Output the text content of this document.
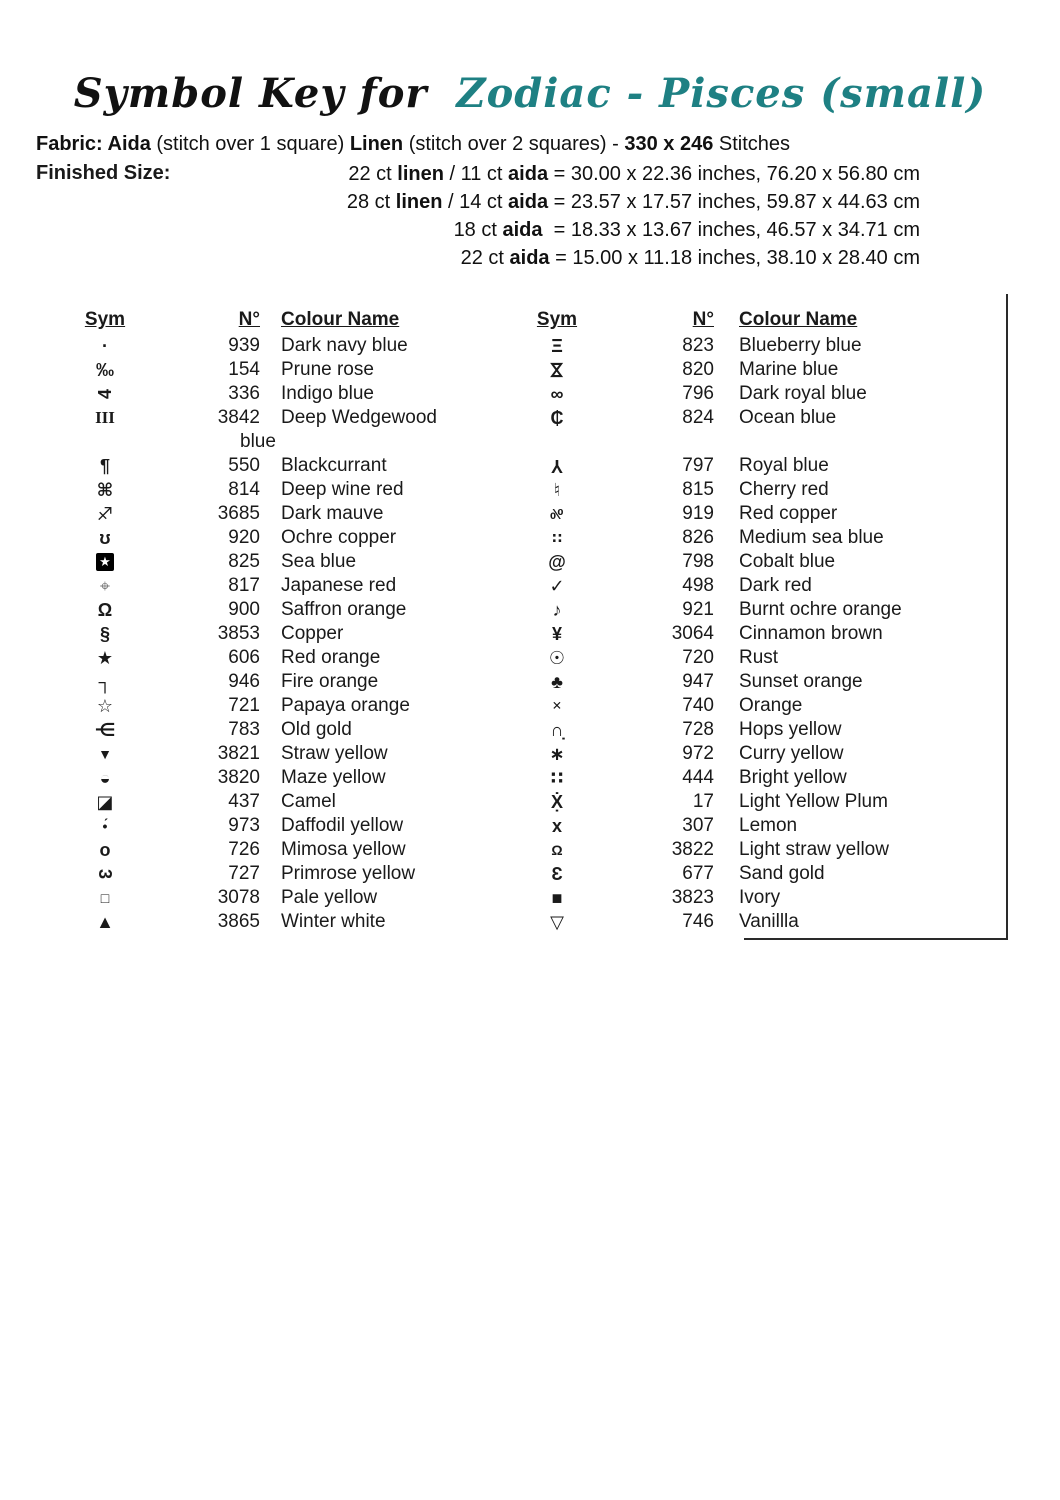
Symbol Key for Zodiac - Pisces (small)
Fabric: Aida (stitch over 1 square) Linen (stitch over 2 squares) - 330 x 246 Stitches
Finished Size:	22 ct linen / 11 ct aida = 30.00 x 22.36 inches, 76.20 x 56.80 cm
28 ct linen / 14 ct aida = 23.57 x 17.57 inches, 59.87 x 44.63 cm
18 ct aida  = 18.33 x 13.67 inches, 46.57 x 34.71 cm
22 ct aida = 15.00 x 11.18 inches, 38.10 x 28.40 cm
Sym	N°	Colour Name	Sym	N°	Colour Name
·	939	Dark navy blue	Ξ	823	Blueberry blue
‰	154	Prune rose	⋈	820	Marine blue
4	336	Indigo blue	∞	796	Dark royal blue
III	3842	Deep Wedgewood	₵	824	Ocean blue
blue
¶	550	Blackcurrant	Y	797	Royal blue
⌘	814	Deep wine red	♮	815	Cherry red
♐	3685	Dark mauve	%	919	Red copper
ʊ	920	Ochre copper	∷	826	Medium sea blue
★	825	Sea blue	@	798	Cobalt blue
⌖	817	Japanese red	✓	498	Dark red
Ω	900	Saffron orange	♪	921	Burnt ochre orange
§	3853	Copper	¥	3064	Cinnamon brown
★	606	Red orange	☉	720	Rust
┐	946	Fire orange	♣	947	Sunset orange
☆	721	Papaya orange	×	740	Orange
⋲	783	Old gold	∩̣	728	Hops yellow
▼	3821	Straw yellow	∗	972	Curry yellow
◒	3820	Maze yellow	∷	444	Bright yellow
◪	437	Camel	Ẋ̣	17	Light Yellow Plum
•́	973	Daffodil yellow	x	307	Lemon
o	726	Mimosa yellow	Ω	3822	Light straw yellow
3	727	Primrose yellow	Ɛ	677	Sand gold
□	3078	Pale yellow	■	3823	Ivory
▲	3865	Winter white	▽	746	Vanillla
